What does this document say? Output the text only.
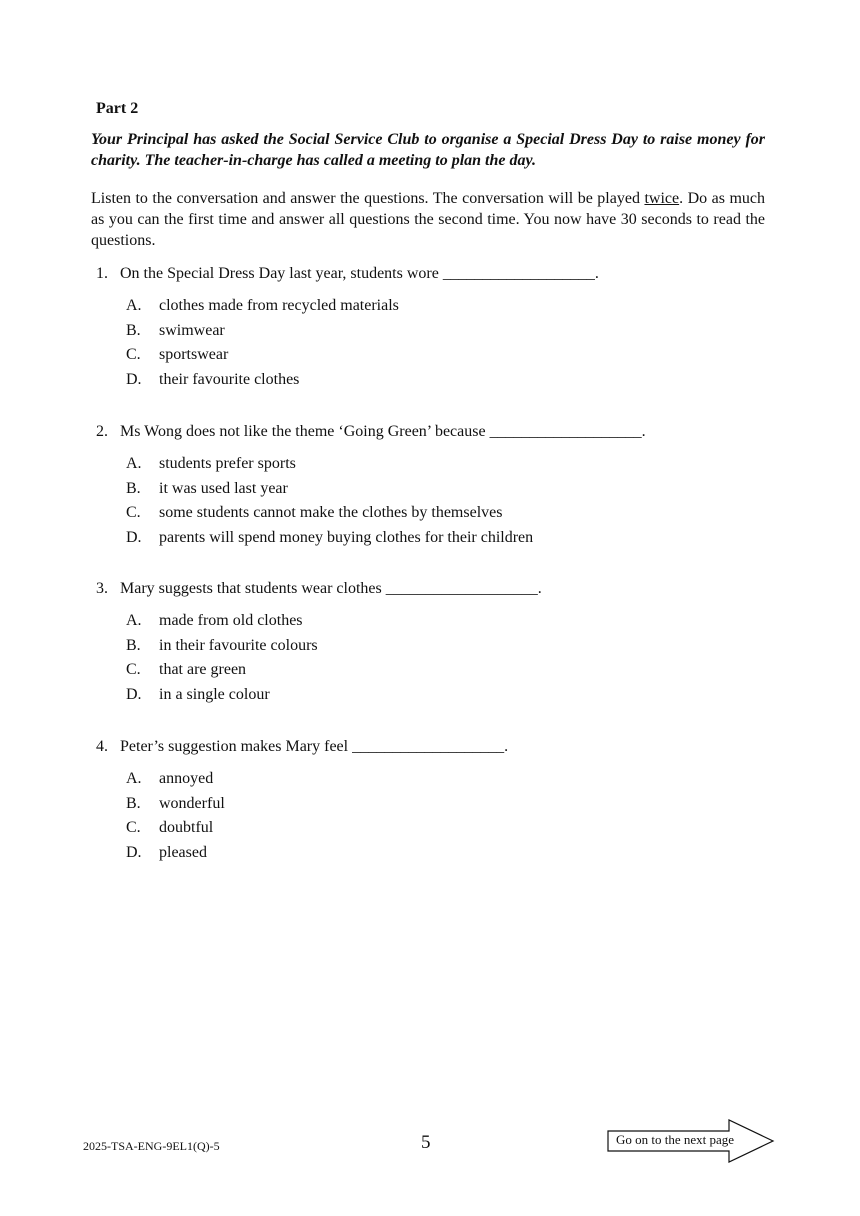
Part 2
Your Principal has asked the Social Service Club to organise a Special Dress Day to raise money for charity. The teacher-in-charge has called a meeting to plan the day.
Listen to the conversation and answer the questions. The conversation will be played twice. Do as much as you can the first time and answer all questions the second time. You now have 30 seconds to read the questions.
1. On the Special Dress Day last year, students wore ___________________.
A.	clothes made from recycled materials
B.	swimwear
C.	sportswear
D.	their favourite clothes
2. Ms Wong does not like the theme ‘Going Green’ because ___________________.
A.	students prefer sports
B.	it was used last year
C.	some students cannot make the clothes by themselves
D.	parents will spend money buying clothes for their children
3. Mary suggests that students wear clothes ___________________.
A.	made from old clothes
B.	in their favourite colours
C.	that are green
D.	in a single colour
4. Peter’s suggestion makes Mary feel ___________________.
A.	annoyed
B.	wonderful
C.	doubtful
D.	pleased
2025-TSA-ENG-9EL1(Q)-5	5	Go on to the next page
